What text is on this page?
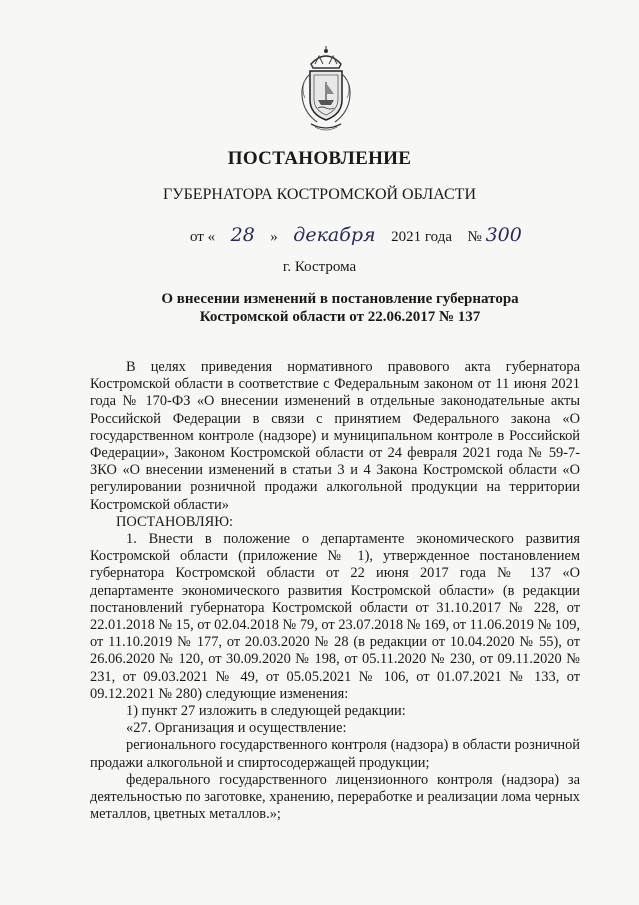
ПОСТАНОВЛЕНИЕ
ГУБЕРНАТОРА КОСТРОМСКОЙ ОБЛАСТИ
от « 28 » декабря 2021 года № 300
г. Кострома
О внесении изменений в постановление губернатора
Костромской области от 22.06.2017 № 137

В целях приведения нормативного правового акта губернатора Костромской области в соответствие с Федеральным законом от 11 июня 2021 года № 170-ФЗ «О внесении изменений в отдельные законодательные акты Российской Федерации в связи с принятием Федерального закона «О государственном контроле (надзоре) и муниципальном контроле в Российской Федерации», Законом Костромской области от 24 февраля 2021 года № 59-7-ЗКО «О внесении изменений в статьи 3 и 4 Закона Костромской области «О регулировании розничной продажи алкогольной продукции на территории Костромской области»

ПОСТАНОВЛЯЮ:

1. Внести в положение о департаменте экономического развития Костромской области (приложение № 1), утвержденное постановлением губернатора Костромской области от 22 июня 2017 года № 137 «О департаменте экономического развития Костромской области» (в редакции постановлений губернатора Костромской области от 31.10.2017 № 228, от 22.01.2018 № 15, от 02.04.2018 № 79, от 23.07.2018 № 169, от 11.06.2019 № 109, от 11.10.2019 № 177, от 20.03.2020 № 28 (в редакции от 10.04.2020 № 55), от 26.06.2020 № 120, от 30.09.2020 № 198, от 05.11.2020 № 230, от 09.11.2020 № 231, от 09.03.2021 № 49, от 05.05.2021 № 106, от 01.07.2021 № 133, от 09.12.2021 № 280) следующие изменения:

1) пункт 27 изложить в следующей редакции:

«27. Организация и осуществление:

регионального государственного контроля (надзора) в области розничной продажи алкогольной и спиртосодержащей продукции;

федерального государственного лицензионного контроля (надзора) за деятельностью по заготовке, хранению, переработке и реализации лома черных металлов, цветных металлов.»;
